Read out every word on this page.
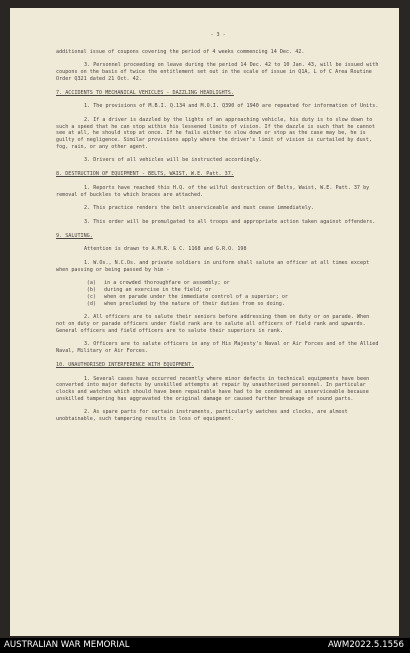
- 3 -

additional issue of coupons covering the period of 4 weeks commencing 14 Dec. 42.

3. Personnel proceeding on leave during the period 14 Dec. 42 to 10 Jan. 43, will be issued with coupons on the basis of twice the entitlement set out in the scale of issue in Q1A, L of C Area Routine Order Q321 dated 21 Oct. 42.

7. ACCIDENTS TO MECHANICAL VEHICLES - DAZZLING HEADLIGHTS.

1. The provisions of M.B.I. Q.134 and M.O.I. Q390 of 1940 are repeated for information of Units.

2. If a driver is dazzled by the lights of an approaching vehicle, his duty is to slow down to such a speed that he can stop within his lessened limits of vision. If the dazzle is such that he cannot see at all, he should stop at once. If he fails either to slow down or stop as the case may be, he is guilty of negligence. Similar provisions apply where the driver's limit of vision is curtailed by dust, fog, rain, or any other agent.

3. Drivers of all vehicles will be instructed accordingly.

8. DESTRUCTION OF EQUIPMENT - BELTS, WAIST, W.E. Patt. 37.

1. Reports have reached this H.Q. of the wilful destruction of Belts, Waist, W.E. Patt. 37 by removal of buckles to which braces are attached.

2. This practice renders the belt unserviceable and must cease immediately.

3. This order will be promulgated to all troops and appropriate action taken against offenders.

9. SALUTING.

Attention is drawn to A.M.R. & C. 1168 and G.R.O. 198

1. W.Os., N.C.Os. and private soldiers in uniform shall salute an officer at all times except when passing or being passed by him -

(a)	in a crowded thoroughfare or assembly; or
(b)	during an exercise in the field; or
(c)	when on parade under the immediate control of a superior; or
(d)	when precluded by the nature of their duties from so doing.

2. All officers are to salute their seniors before addressing them on duty or on parade. When not on duty or parade officers under field rank are to salute all officers of field rank and upwards. General officers and field officers are to salute their superiors in rank.

3. Officers are to salute officers in any of His Majesty's Naval or Air Forces and of the Allied Naval, Military or Air Forces.

10. UNAUTHORISED INTERFERENCE WITH EQUIPMENT.

1. Several cases have occurred recently where minor defects in technical equipments have been converted into major defects by unskilled attempts at repair by unauthorised personnel. In particular clocks and watches which should have been repairable have had to be condemned as unserviceable because unskilled tampering has aggravated the original damage or caused further breakage of sound parts.

2. As spare parts for certain instruments, particularly watches and clocks, are almost unobtainable, such tampering results in loss of equipment.

AUSTRALIAN WAR MEMORIAL	AWM2022.5.1556
